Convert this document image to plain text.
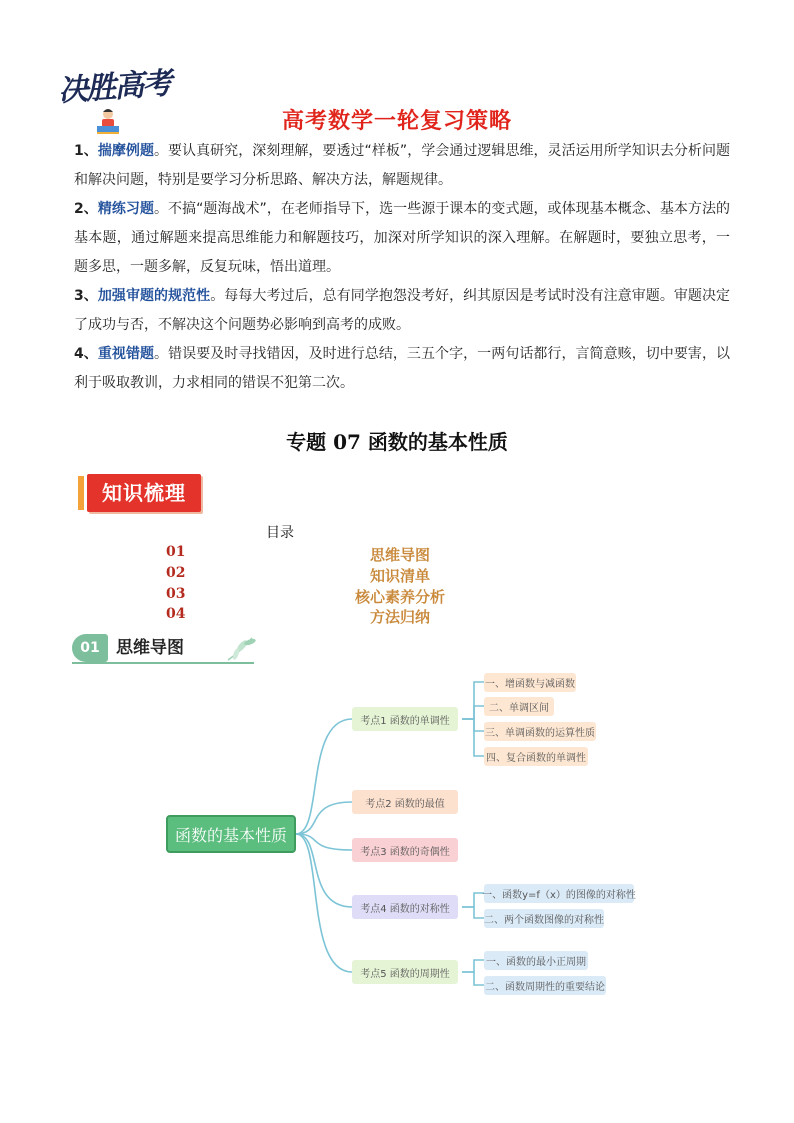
决胜高考
高考数学一轮复习策略

1、揣摩例题。要认真研究，深刻理解，要透过“样板”，学会通过逻辑思维，灵活运用所学知识去分析问题和解决问题，特别是要学习分析思路、解决方法，解题规律。

2、精练习题。不搞“题海战术”，在老师指导下，选一些源于课本的变式题，或体现基本概念、基本方法的基本题，通过解题来提高思维能力和解题技巧，加深对所学知识的深入理解。在解题时，要独立思考，一题多思，一题多解，反复玩味，悟出道理。

3、加强审题的规范性。每每大考过后，总有同学抱怨没考好，纠其原因是考试时没有注意审题。审题决定了成功与否，不解决这个问题势必影响到高考的成败。

4、重视错题。错误要及时寻找错因，及时进行总结，三五个字，一两句话都行，言简意赅，切中要害，以利于吸取教训，力求相同的错误不犯第二次。

专题 07 函数的基本性质
知识梳理
目录
01	思维导图
02	知识清单
03	核心素养分析
04	方法归纳
01 思维导图
函数的基本性质
考点1 函数的单调性
一、增函数与减函数
二、单调区间
三、单调函数的运算性质
四、复合函数的单调性
考点2 函数的最值
考点3 函数的奇偶性
考点4 函数的对称性
一、函数y=f（x）的图像的对称性
二、两个函数图像的对称性
考点5 函数的周期性
一、函数的最小正周期
二、函数周期性的重要结论
